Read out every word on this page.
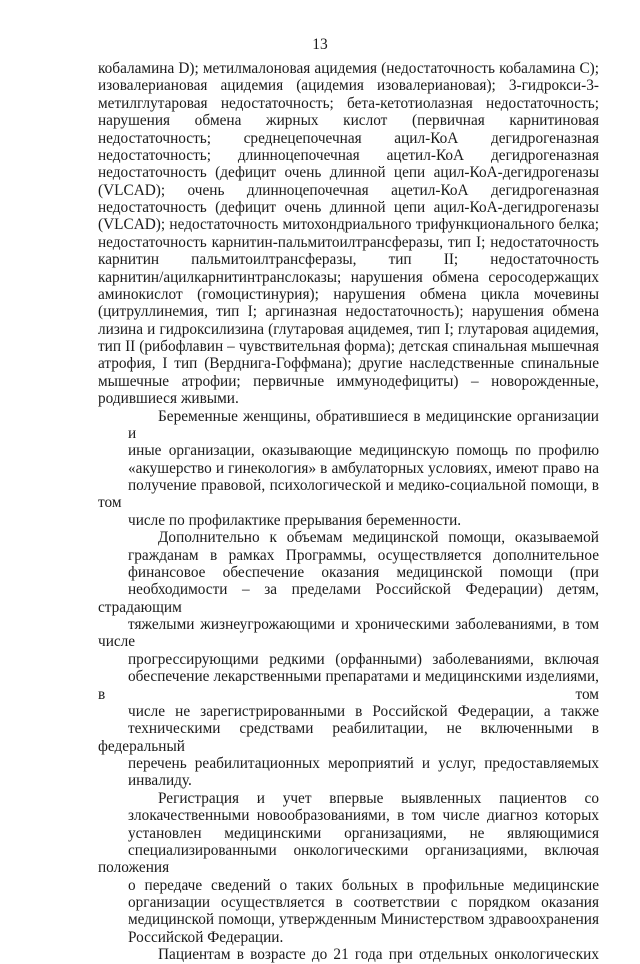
13

кобаламина D); метилмалоновая ацидемия (недостаточность кобаламина C);
изовалериановая ацидемия (ацидемия изовалериановая); 3-гидрокси-3-
метилглутаровая недостаточность; бета-кетотиолазная недостаточность;
нарушения обмена жирных кислот (первичная карнитиновая
недостаточность; среднецепочечная ацил-КоА дегидрогеназная
недостаточность; длинноцепочечная ацетил-КоА дегидрогеназная
недостаточность (дефицит очень длинной цепи ацил-КоА-дегидрогеназы
(VLCAD); очень длинноцепочечная ацетил-КоА дегидрогеназная
недостаточность (дефицит очень длинной цепи ацил-КоА-дегидрогеназы
(VLCAD); недостаточность митохондриального трифункционального белка;
недостаточность карнитин-пальмитоилтрансферазы, тип I; недостаточность
карнитин пальмитоилтрансферазы, тип II; недостаточность
карнитин/ацилкарнитинтранслоказы; нарушения обмена серосодержащих
аминокислот (гомоцистинурия); нарушения обмена цикла мочевины
(цитруллинемия, тип I; аргиназная недостаточность); нарушения обмена
лизина и гидроксилизина (глутаровая ацидемея, тип I; глутаровая ацидемия,
тип II (рибофлавин – чувствительная форма); детская спинальная мышечная
атрофия, I тип (Верднига-Гоффмана); другие наследственные спинальные
мышечные атрофии; первичные иммунодефициты) – новорожденные,
родившиеся живыми.

Беременные женщины, обратившиеся в медицинские организации и
иные организации, оказывающие медицинскую помощь по профилю
«акушерство и гинекология» в амбулаторных условиях, имеют право на
получение правовой, психологической и медико-социальной помощи, в том
числе по профилактике прерывания беременности.

Дополнительно к объемам медицинской помощи, оказываемой
гражданам в рамках Программы, осуществляется дополнительное
финансовое обеспечение оказания медицинской помощи (при
необходимости – за пределами Российской Федерации) детям, страдающим
тяжелыми жизнеугрожающими и хроническими заболеваниями, в том числе
прогрессирующими редкими (орфанными) заболеваниями, включая
обеспечение лекарственными препаратами и медицинскими изделиями, в том
числе не зарегистрированными в Российской Федерации, а также
техническими средствами реабилитации, не включенными в федеральный
перечень реабилитационных мероприятий и услуг, предоставляемых
инвалиду.

Регистрация и учет впервые выявленных пациентов со
злокачественными новообразованиями, в том числе диагноз которых
установлен медицинскими организациями, не являющимися
специализированными онкологическими организациями, включая положения
о передаче сведений о таких больных в профильные медицинские
организации осуществляется в соответствии с порядком оказания
медицинской помощи, утвержденным Министерством здравоохранения
Российской Федерации.

Пациентам в возрасте до 21 года при отдельных онкологических
